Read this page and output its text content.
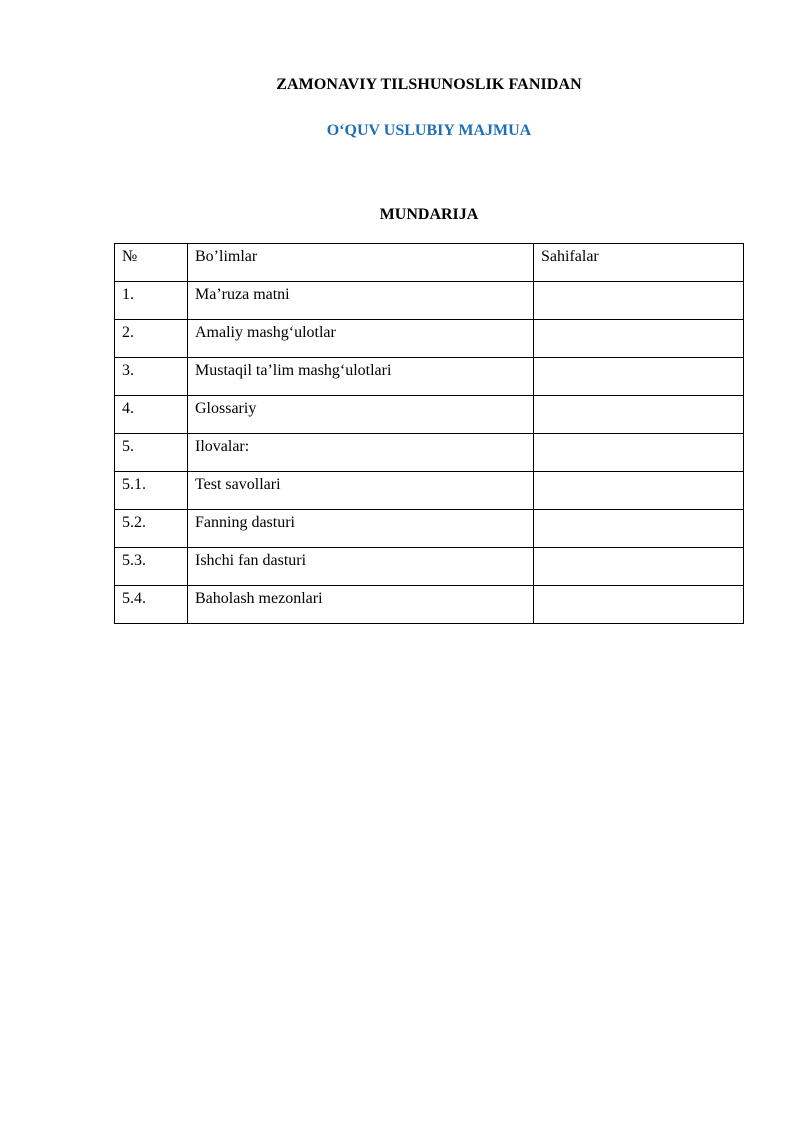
ZAMONAVIY TILSHUNOSLIK FANIDAN
O‘QUV USLUBIY MAJMUA
MUNDARIJA
№	Bo’limlar	Sahifalar
1.	Ma’ruza matni	
2.	Amaliy mashg‘ulotlar	
3.	Mustaqil ta’lim mashg‘ulotlari	
4.	Glossariy	
5.	Ilovalar:	
5.1.	Test savollari	
5.2.	Fanning dasturi	
5.3.	Ishchi fan dasturi	
5.4.	Baholash mezonlari	
